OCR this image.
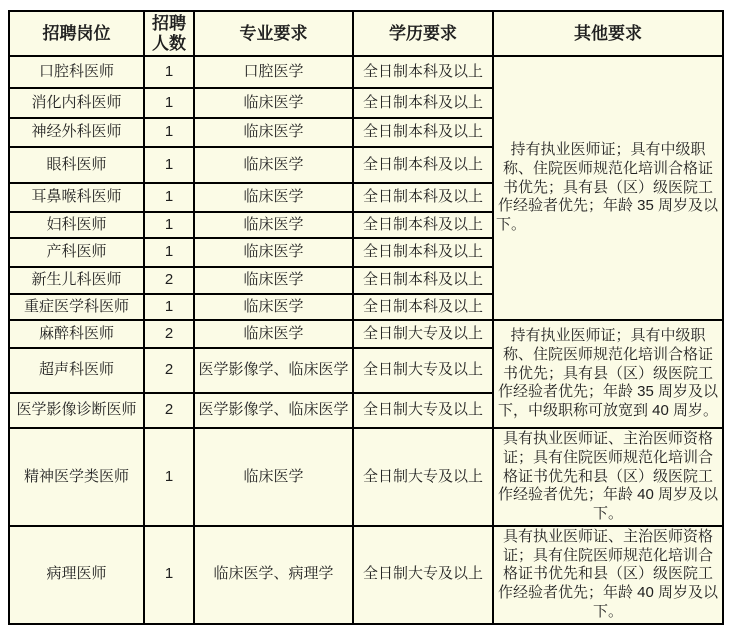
招聘岗位	招聘人数	专业要求	学历要求	其他要求
口腔科医师	1	口腔医学	全日制本科及以上	持有执业医师证；具有中级职称、住院医师规范化培训合格证书优先；具有县（区）级医院工作经验者优先；年龄 35 周岁及以下。
消化内科医师	1	临床医学	全日制本科及以上	
神经外科医师	1	临床医学	全日制本科及以上	
眼科医师	1	临床医学	全日制本科及以上	
耳鼻喉科医师	1	临床医学	全日制本科及以上	
妇科医师	1	临床医学	全日制本科及以上	
产科医师	1	临床医学	全日制本科及以上	
新生儿科医师	2	临床医学	全日制本科及以上	
重症医学科医师	1	临床医学	全日制本科及以上	
麻醉科医师	2	临床医学	全日制大专及以上	持有执业医师证；具有中级职称、住院医师规范化培训合格证书优先；具有县（区）级医院工作经验者优先；年龄 35 周岁及以下，中级职称可放宽到 40 周岁。
超声科医师	2	医学影像学、临床医学	全日制大专及以上	
医学影像诊断医师	2	医学影像学、临床医学	全日制大专及以上	
精神医学类医师	1	临床医学	全日制大专及以上	具有执业医师证、主治医师资格证；具有住院医师规范化培训合格证书优先和县（区）级医院工作经验者优先；年龄 40 周岁及以下。
病理医师	1	临床医学、病理学	全日制大专及以上	具有执业医师证、主治医师资格证；具有住院医师规范化培训合格证书优先和县（区）级医院工作经验者优先；年龄 40 周岁及以下。
